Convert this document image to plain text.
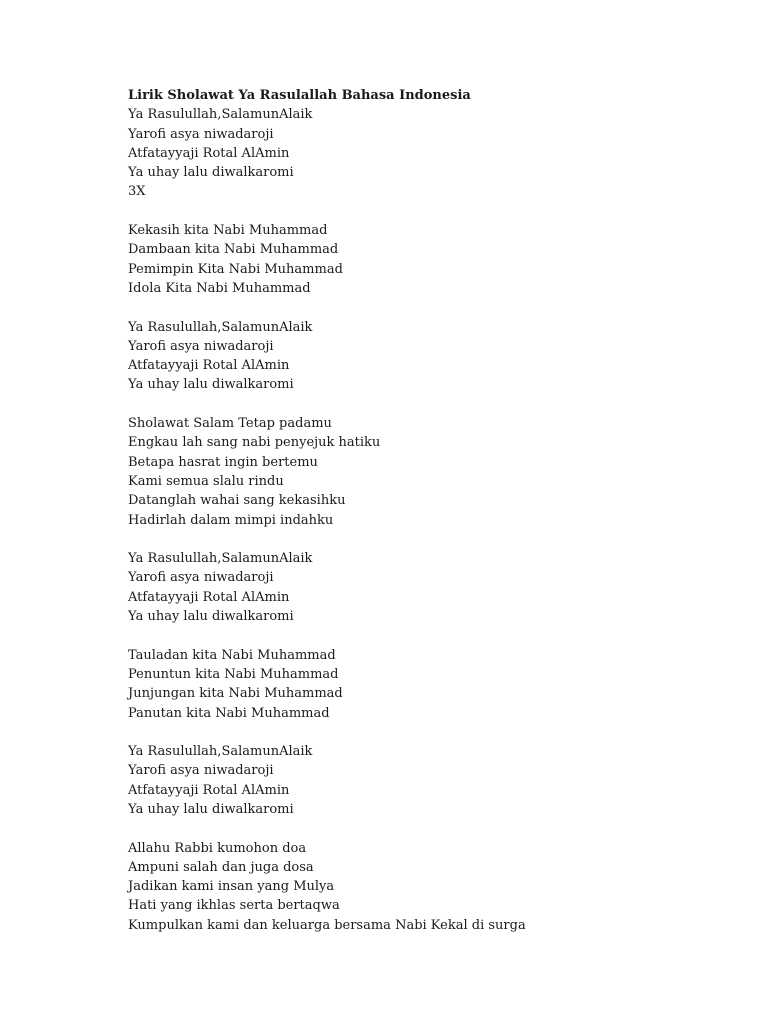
Lirik Sholawat Ya Rasulallah Bahasa Indonesia
Ya Rasulullah,SalamunAlaik
Yarofi asya niwadaroji
Atfatayyaji Rotal AlAmin
Ya uhay lalu diwalkaromi
3X
Kekasih kita Nabi Muhammad
Dambaan kita Nabi Muhammad
Pemimpin Kita Nabi Muhammad
Idola Kita Nabi Muhammad
Ya Rasulullah,SalamunAlaik
Yarofi asya niwadaroji
Atfatayyaji Rotal AlAmin
Ya uhay lalu diwalkaromi
Sholawat Salam Tetap padamu
Engkau lah sang nabi penyejuk hatiku
Betapa hasrat ingin bertemu
Kami semua slalu rindu
Datanglah wahai sang kekasihku
Hadirlah dalam mimpi indahku
Ya Rasulullah,SalamunAlaik
Yarofi asya niwadaroji
Atfatayyaji Rotal AlAmin
Ya uhay lalu diwalkaromi
Tauladan kita Nabi Muhammad
Penuntun kita Nabi Muhammad
Junjungan kita Nabi Muhammad
Panutan kita Nabi Muhammad
Ya Rasulullah,SalamunAlaik
Yarofi asya niwadaroji
Atfatayyaji Rotal AlAmin
Ya uhay lalu diwalkaromi
Allahu Rabbi kumohon doa
Ampuni salah dan juga dosa
Jadikan kami insan yang Mulya
Hati yang ikhlas serta bertaqwa
Kumpulkan kami dan keluarga bersama Nabi Kekal di surga
